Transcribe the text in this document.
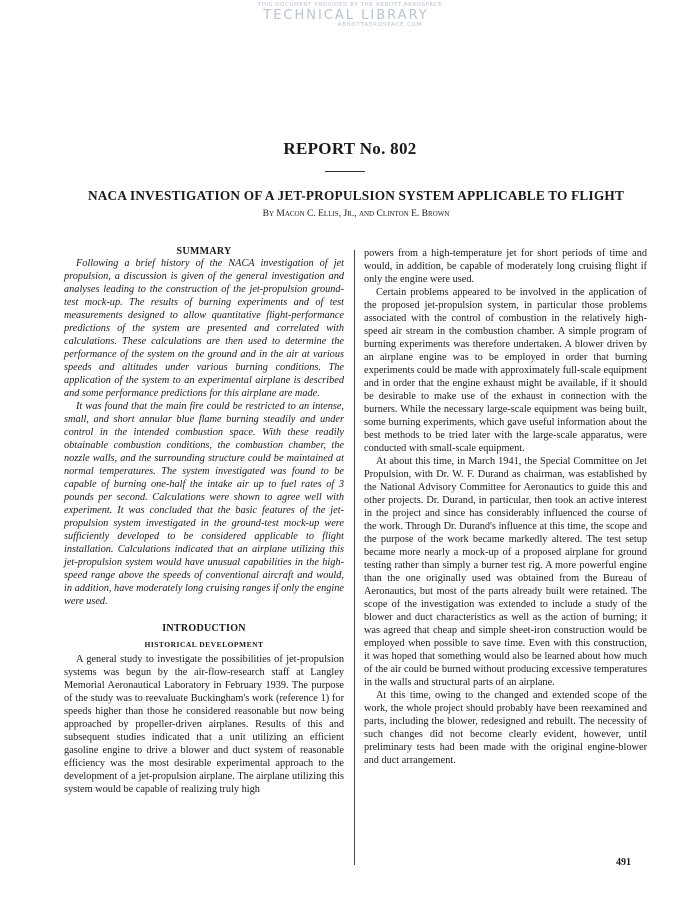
THIS DOCUMENT PROVIDED BY THE ABBOTT AEROSPACE
TECHNICAL LIBRARY
ABBOTTAEROSPACE.COM
REPORT No. 802
NACA INVESTIGATION OF A JET-PROPULSION SYSTEM APPLICABLE TO FLIGHT
By Macon C. Ellis, Jr., and Clinton E. Brown
SUMMARY

Following a brief history of the NACA investigation of jet propulsion, a discussion is given of the general investigation and analyses leading to the construction of the jet-propulsion ground-test mock-up. The results of burning experiments and of test measurements designed to allow quantitative flight-performance predictions of the system are presented and correlated with calculations. These calculations are then used to determine the performance of the system on the ground and in the air at various speeds and altitudes under various burning conditions. The application of the system to an experimental airplane is described and some performance predictions for this airplane are made.

It was found that the main fire could be restricted to an intense, small, and short annular blue flame burning steadily and under control in the intended combustion space. With these readily obtainable combustion conditions, the combustion chamber, the nozzle walls, and the surrounding structure could be maintained at normal temperatures. The system investigated was found to be capable of burning one-half the intake air up to fuel rates of 3 pounds per second. Calculations were shown to agree well with experiment. It was concluded that the basic features of the jet-propulsion system investigated in the ground-test mock-up were sufficiently developed to be considered applicable to flight installation. Calculations indicated that an airplane utilizing this jet-propulsion system would have unusual capabilities in the high-speed range above the speeds of conventional aircraft and would, in addition, have moderately long cruising ranges if only the engine were used.

INTRODUCTION
HISTORICAL DEVELOPMENT

A general study to investigate the possibilities of jet-propulsion systems was begun by the air-flow-research staff at Langley Memorial Aeronautical Laboratory in February 1939. The purpose of the study was to reevaluate Buckingham's work (reference 1) for speeds higher than those he considered reasonable but now being approached by propeller-driven airplanes. Results of this and subsequent studies indicated that a unit utilizing an efficient gasoline engine to drive a blower and duct system of reasonable efficiency was the most desirable experimental approach to the development of a jet-propulsion airplane. The airplane utilizing this system would be capable of realizing truly high

powers from a high-temperature jet for short periods of time and would, in addition, be capable of moderately long cruising flight if only the engine were used.

Certain problems appeared to be involved in the application of the proposed jet-propulsion system, in particular those problems associated with the control of combustion in the relatively high-speed air stream in the combustion chamber. A simple program of burning experiments was therefore undertaken. A blower driven by an airplane engine was to be employed in order that burning experiments could be made with approximately full-scale equipment and in order that the engine exhaust might be available, if it should be desirable to make use of the exhaust in connection with the burners. While the necessary large-scale equipment was being built, some burning experiments, which gave useful information about the best methods to be tried later with the large-scale apparatus, were conducted with small-scale equipment.

At about this time, in March 1941, the Special Committee on Jet Propulsion, with Dr. W. F. Durand as chairman, was established by the National Advisory Committee for Aeronautics to guide this and other projects. Dr. Durand, in particular, then took an active interest in the project and since has considerably influenced the course of the work. Through Dr. Durand's influence at this time, the scope and the purpose of the work became markedly altered. The test setup became more nearly a mock-up of a proposed airplane for ground testing rather than simply a burner test rig. A more powerful engine than the one originally used was obtained from the Bureau of Aeronautics, but most of the parts already built were retained. The scope of the investigation was extended to include a study of the blower and duct characteristics as well as the action of burning; it was agreed that cheap and simple sheet-iron construction would be employed when possible to save time. Even with this construction, it was hoped that something would also be learned about how much of the air could be burned without producing excessive temperatures in the walls and structural parts of an airplane.

At this time, owing to the changed and extended scope of the work, the whole project should probably have been reexamined and parts, including the blower, redesigned and rebuilt. The necessity of such changes did not become clearly evident, however, until preliminary tests had been made with the original engine-blower and duct arrangement.

491
